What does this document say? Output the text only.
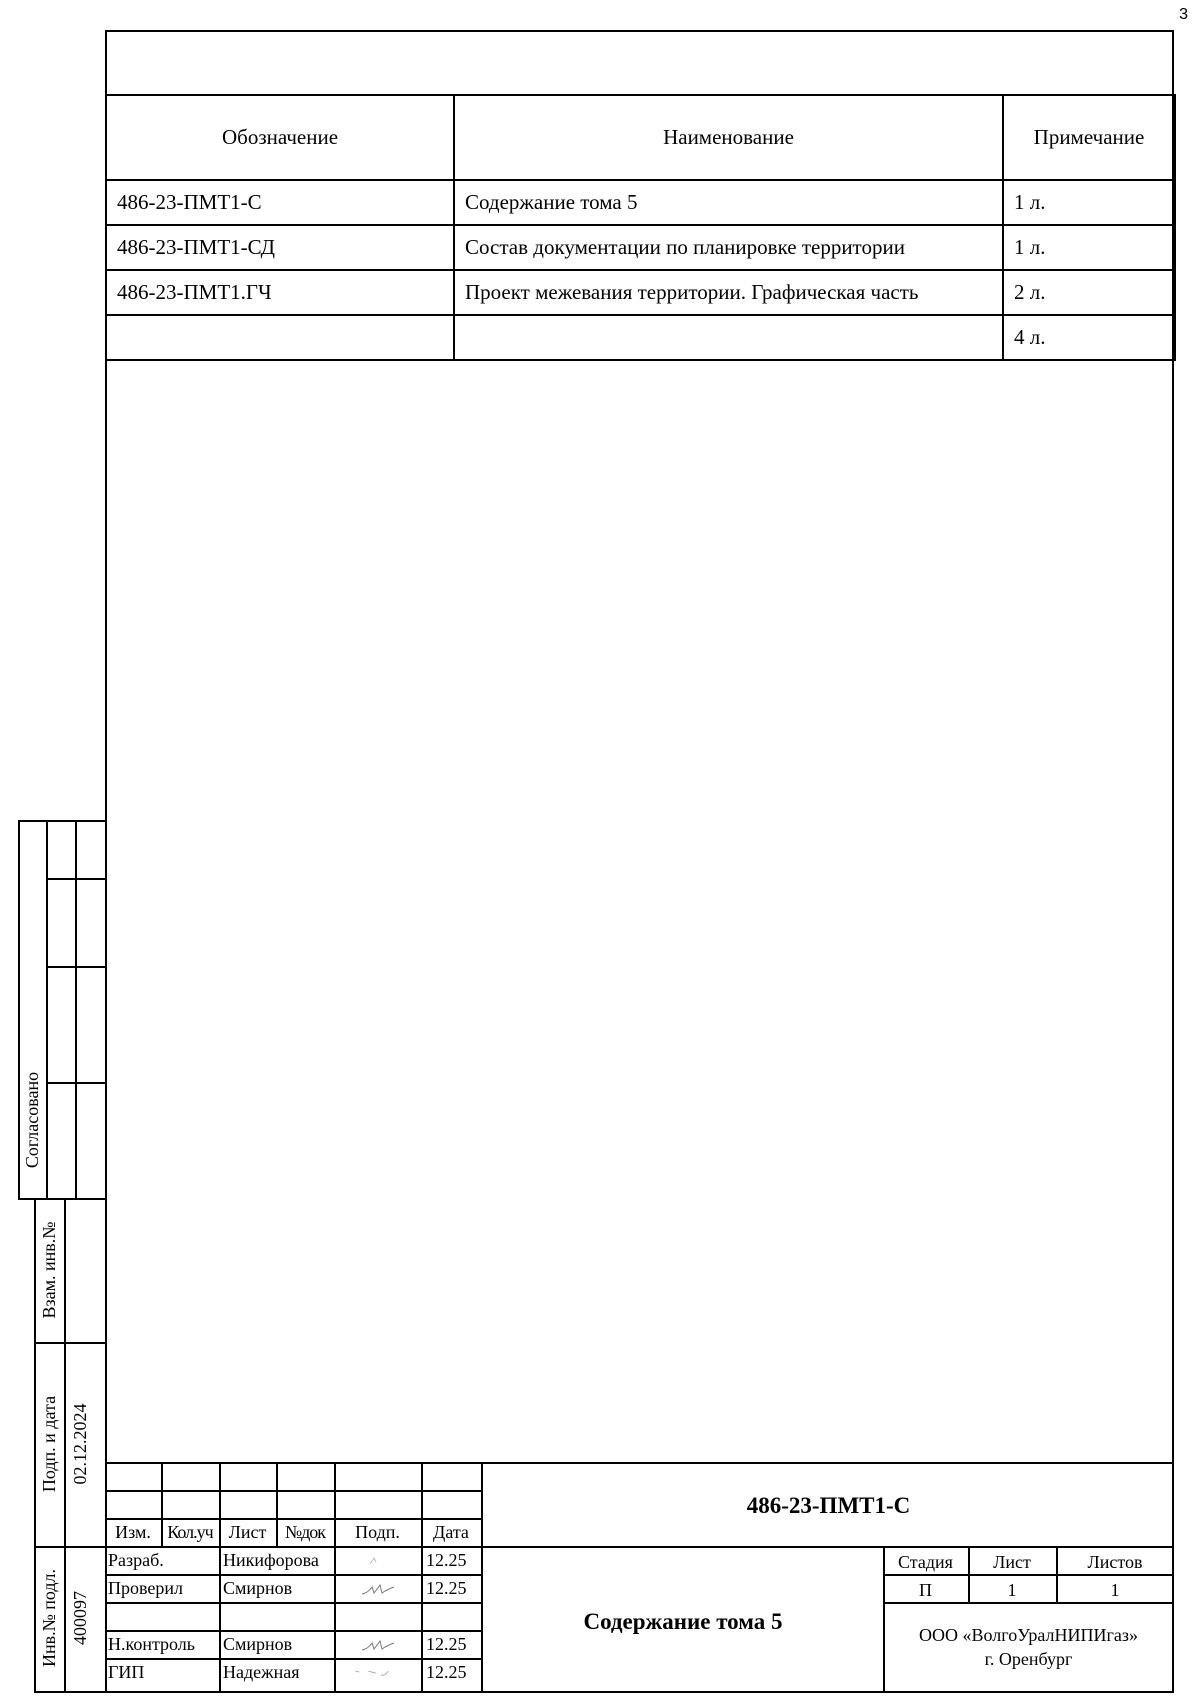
3
Обозначение	Наименование	Примечание
486-23-ПМТ1-С	Содержание тома 5	1 л.
486-23-ПМТ1-СД	Состав документации по планировке территории	1 л.
486-23-ПМТ1.ГЧ	Проект межевания территории. Графическая часть	2 л.
		4 л.
Изм. Кол.уч Лист	№док	Подп.	Дата
Разраб.	Никифорова	12.25
Проверил Смирнов	12.25
Н.контроль Смирнов	12.25
ГИП	Надежная	12.25
486-23-ПМТ1-С
Содержание тома 5
Стадия	Лист	Листов
П	1	1
ООО «ВолгоУралНИПИгаз»
г. Оренбург
Согласовано
Взам. инв.№
Подп. и дата 02.12.2024
Инв.№ подл. 400097
